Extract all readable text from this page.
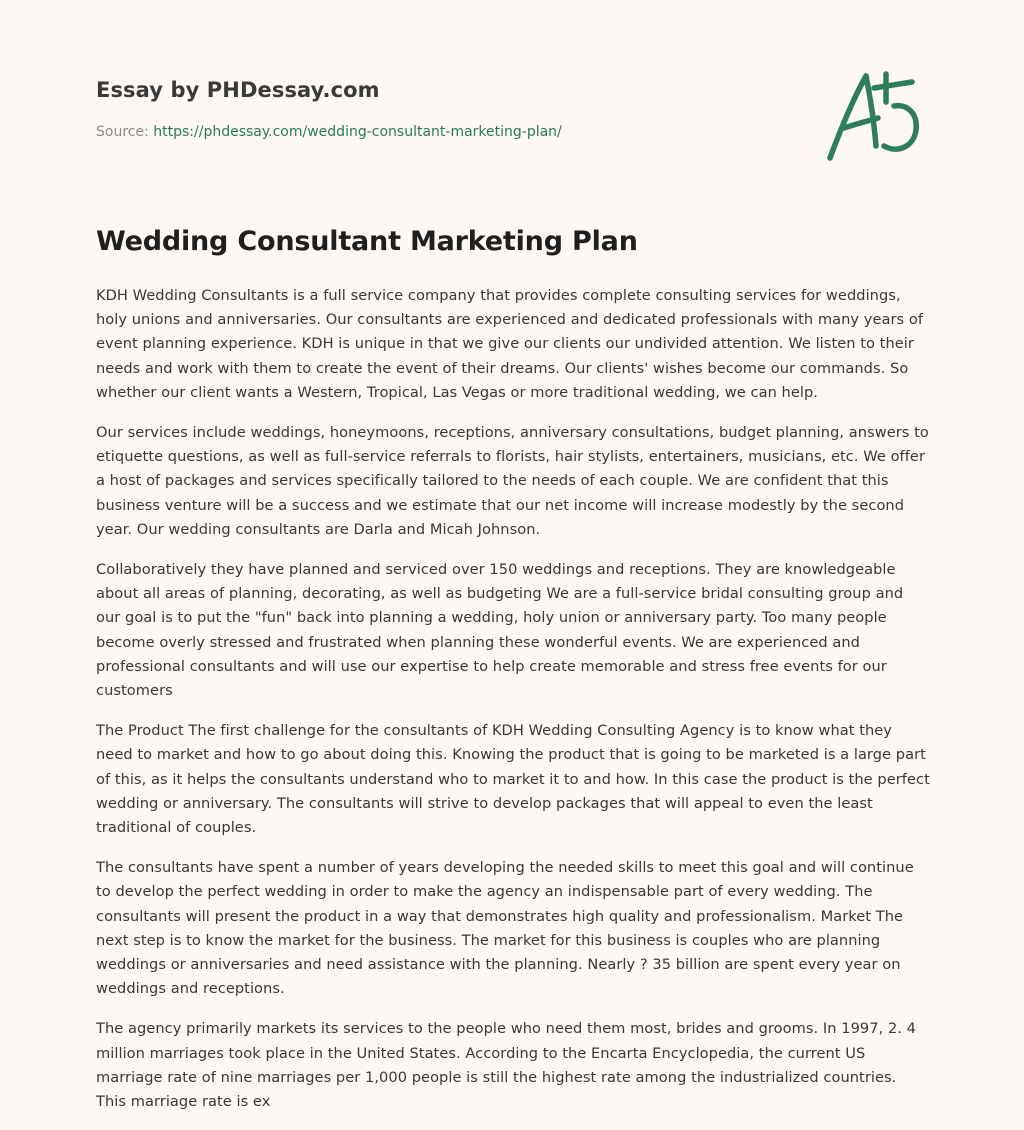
Essay by PHDessay.com
Source: https://phdessay.com/wedding-consultant-marketing-plan/
Wedding Consultant Marketing Plan

KDH Wedding Consultants is a full service company that provides complete consulting services for weddings, holy unions and anniversaries. Our consultants are experienced and dedicated professionals with many years of event planning experience. KDH is unique in that we give our clients our undivided attention. We listen to their needs and work with them to create the event of their dreams. Our clients' wishes become our commands. So whether our client wants a Western, Tropical, Las Vegas or more traditional wedding, we can help.

Our services include weddings, honeymoons, receptions, anniversary consultations, budget planning, answers to etiquette questions, as well as full-service referrals to florists, hair stylists, entertainers, musicians, etc. We offer a host of packages and services specifically tailored to the needs of each couple. We are confident that this business venture will be a success and we estimate that our net income will increase modestly by the second year. Our wedding consultants are Darla and Micah Johnson.

Collaboratively they have planned and serviced over 150 weddings and receptions. They are knowledgeable about all areas of planning, decorating, as well as budgeting We are a full-service bridal consulting group and our goal is to put the "fun" back into planning a wedding, holy union or anniversary party. Too many people become overly stressed and frustrated when planning these wonderful events. We are experienced and professional consultants and will use our expertise to help create memorable and stress free events for our customers

The Product The first challenge for the consultants of KDH Wedding Consulting Agency is to know what they need to market and how to go about doing this. Knowing the product that is going to be marketed is a large part of this, as it helps the consultants understand who to market it to and how. In this case the product is the perfect wedding or anniversary. The consultants will strive to develop packages that will appeal to even the least traditional of couples.

The consultants have spent a number of years developing the needed skills to meet this goal and will continue to develop the perfect wedding in order to make the agency an indispensable part of every wedding. The consultants will present the product in a way that demonstrates high quality and professionalism. Market The next step is to know the market for the business. The market for this business is couples who are planning weddings or anniversaries and need assistance with the planning. Nearly ? 35 billion are spent every year on weddings and receptions.

The agency primarily markets its services to the people who need them most, brides and grooms. In 1997, 2. 4 million marriages took place in the United States. According to the Encarta Encyclopedia, the current US marriage rate of nine marriages per 1,000 people is still the highest rate among the industrialized countries. This marriage rate is ex
